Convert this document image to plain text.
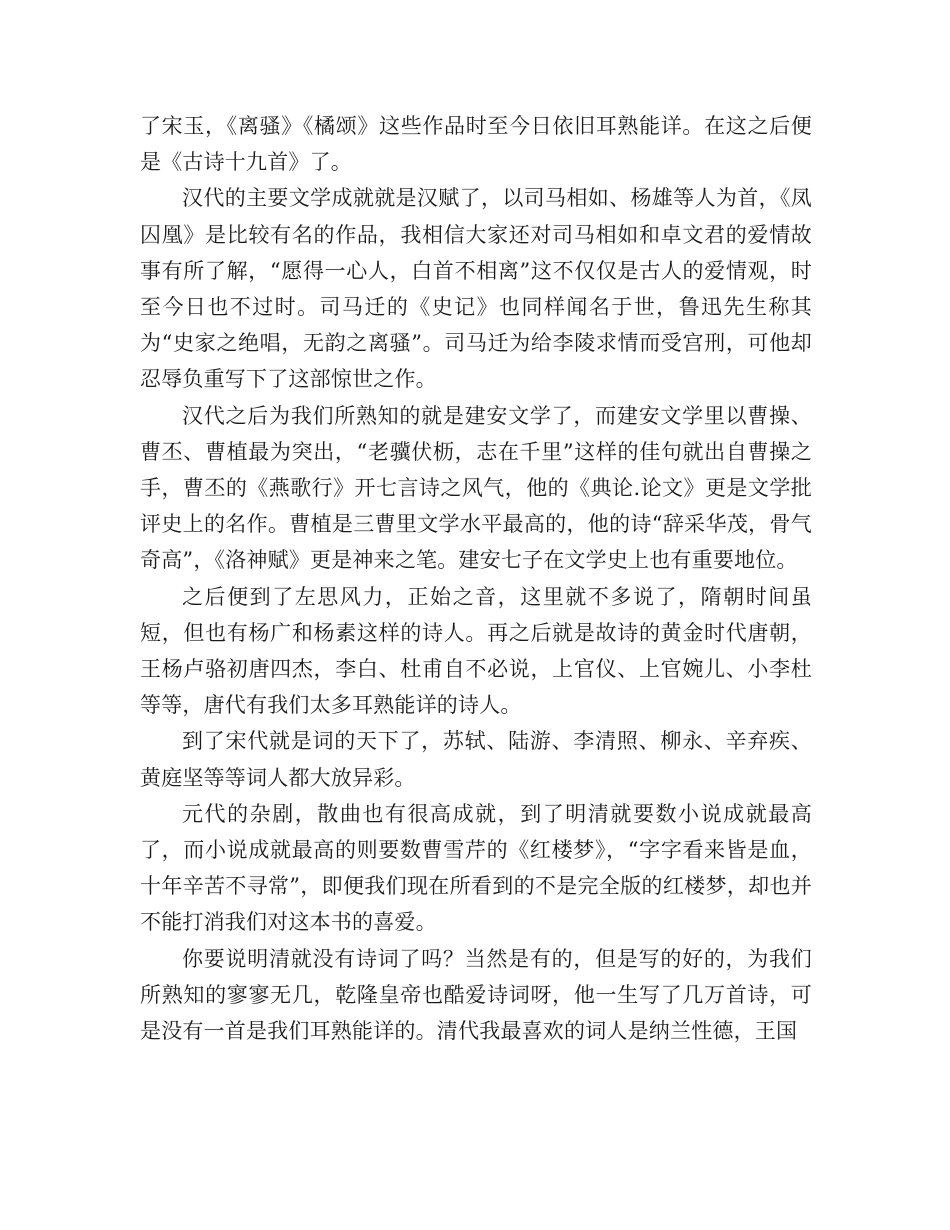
了宋玉，《离骚》《橘颂》这些作品时至今日依旧耳熟能详。在这之后便是《古诗十九首》了。

汉代的主要文学成就就是汉赋了，以司马相如、杨雄等人为首，《凤囚凰》是比较有名的作品，我相信大家还对司马相如和卓文君的爱情故事有所了解，“愿得一心人，白首不相离”这不仅仅是古人的爱情观，时至今日也不过时。司马迁的《史记》也同样闻名于世，鲁迅先生称其为“史家之绝唱，无韵之离骚”。司马迁为给李陵求情而受宫刑，可他却忍辱负重写下了这部惊世之作。

汉代之后为我们所熟知的就是建安文学了，而建安文学里以曹操、曹丕、曹植最为突出，“老骥伏枥，志在千里”这样的佳句就出自曹操之手，曹丕的《燕歌行》开七言诗之风气，他的《典论.论文》更是文学批评史上的名作。曹植是三曹里文学水平最高的，他的诗“辞采华茂，骨气奇高”，《洛神赋》更是神来之笔。建安七子在文学史上也有重要地位。

之后便到了左思风力，正始之音，这里就不多说了，隋朝时间虽短，但也有杨广和杨素这样的诗人。再之后就是故诗的黄金时代唐朝，王杨卢骆初唐四杰，李白、杜甫自不必说，上官仪、上官婉儿、小李杜等等，唐代有我们太多耳熟能详的诗人。

到了宋代就是词的天下了，苏轼、陆游、李清照、柳永、辛弃疾、黄庭坚等等词人都大放异彩。

元代的杂剧，散曲也有很高成就，到了明清就要数小说成就最高了，而小说成就最高的则要数曹雪芹的《红楼梦》，“字字看来皆是血，十年辛苦不寻常”，即便我们现在所看到的不是完全版的红楼梦，却也并不能打消我们对这本书的喜爱。

你要说明清就没有诗词了吗？当然是有的，但是写的好的，为我们所熟知的寥寥无几，乾隆皇帝也酷爱诗词呀，他一生写了几万首诗，可是没有一首是我们耳熟能详的。清代我最喜欢的词人是纳兰性德，王国
